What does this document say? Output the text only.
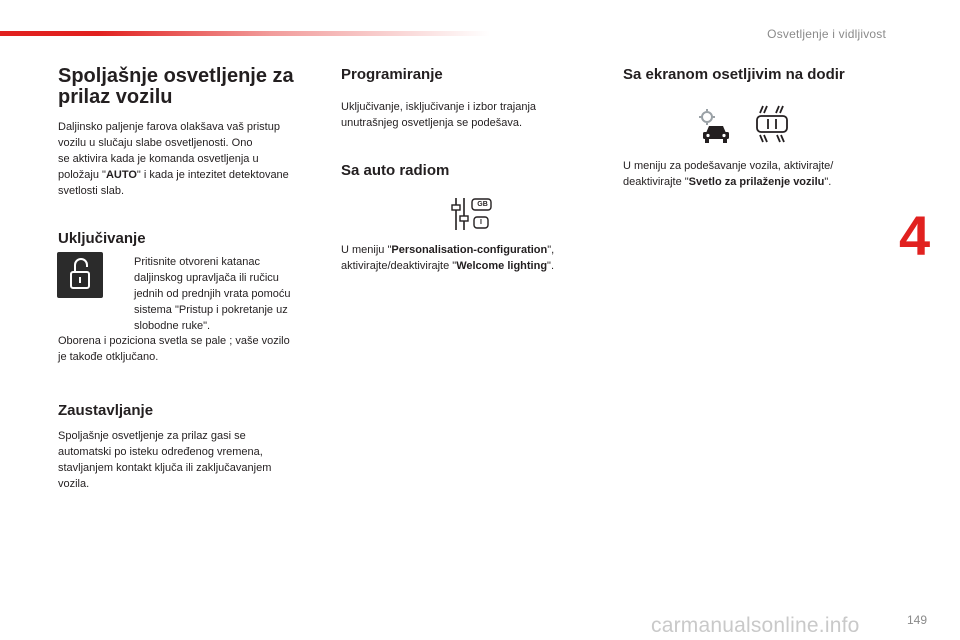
Osvetljenje i vidljivost
4
Spoljašnje osvetljenje za
prilaz vozilu

Daljinsko paljenje farova olakšava vaš pristup
vozilu u slučaju slabe osvetljenosti. Ono
se aktivira kada je komanda osvetljenja u
položaju "AUTO" i kada je intezitet detektovane
svetlosti slab.

Uključivanje

Pritisnite otvoreni katanac
daljinskog upravljača ili ručicu
jednih od prednjih vrata pomoću
sistema "Pristup i pokretanje uz
slobodne ruke".

Oborena i poziciona svetla se pale ; vaše vozilo
je takođe otključano.

Zaustavljanje

Spoljašnje osvetljenje za prilaz gasi se
automatski po isteku određenog vremena,
stavljanjem kontakt ključa ili zaključavanjem
vozila.

Programiranje

Uključivanje, isključivanje i izbor trajanja
unutrašnjeg osvetljenja se podešava.

Sa auto radiom
GB
I

U meniju "Personalisation-configuration",
aktivirajte/deaktivirajte "Welcome lighting".

Sa ekranom osetljivim na dodir

U meniju za podešavanje vozila, aktivirajte/
deaktivirajte "Svetlo za prilaženje vozilu".

carmanualsonline.info	149
